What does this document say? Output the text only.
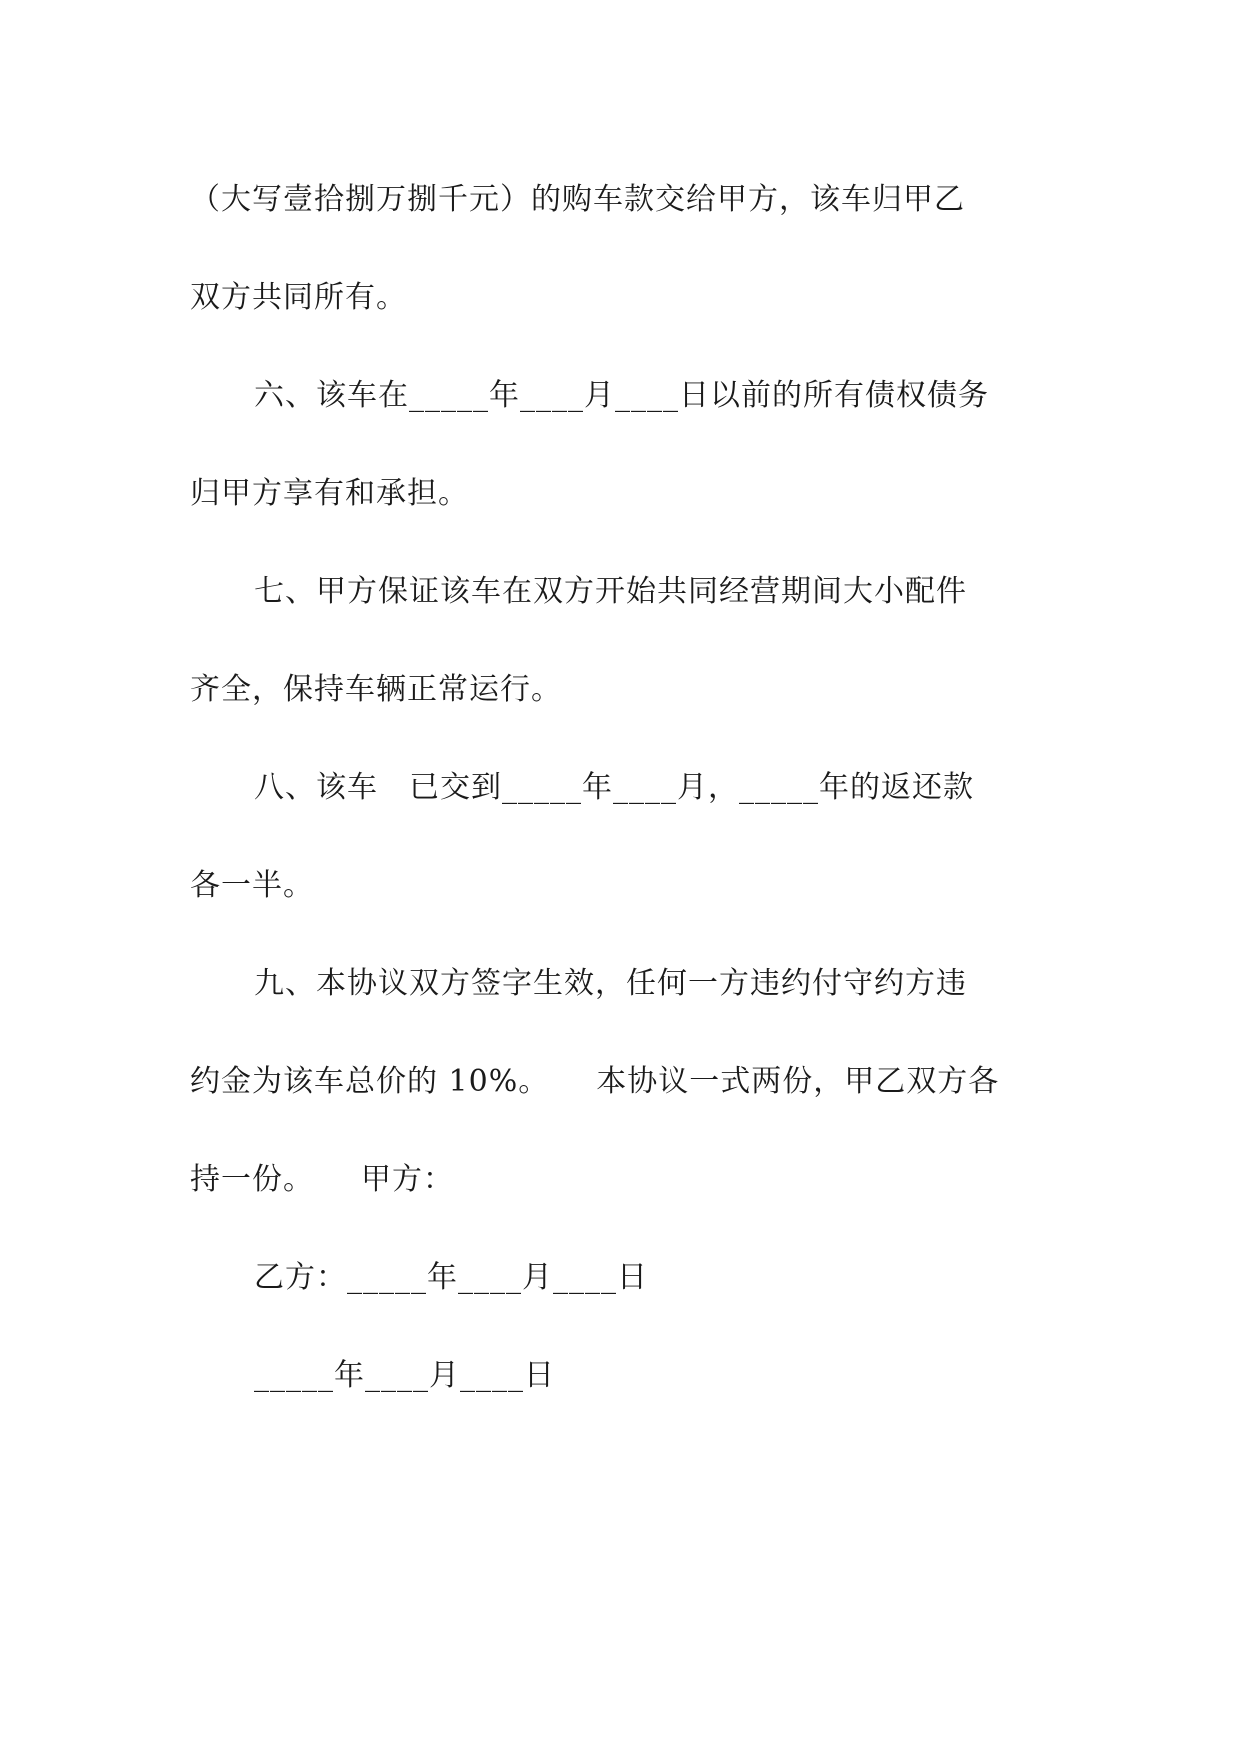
（大写壹拾捌万捌千元）的购车款交给甲方，该车归甲乙
双方共同所有。
六、该车在_____年____月____日以前的所有债权债务
归甲方享有和承担。
七、甲方保证该车在双方开始共同经营期间大小配件
齐全，保持车辆正常运行。
八、该车　已交到_____年____月，_____年的返还款
各一半。
九、本协议双方签字生效，任何一方违约付守约方违
约金为该车总价的 10%。　　本协议一式两份，甲乙双方各
持一份。　　甲方：
乙方：_____年____月____日
_____年____月____日
